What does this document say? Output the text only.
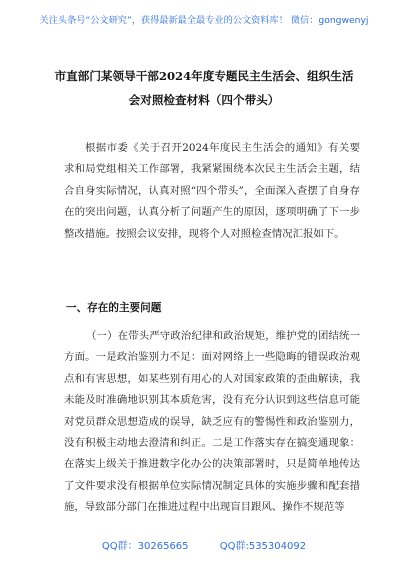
关注头条号“公文研究”，获得最新最全最专业的公文资料库！ 微信：gongwenyj
市直部门某领导干部2024年度专题民主生活会、组织生活
会对照检查材料（四个带头）

根据市委《关于召开2024年度民主生活会的通知》有关要求和局党组相关工作部署，我紧紧围绕本次民主生活会主题，结合自身实际情况，认真对照“四个带头”，全面深入查摆了自身存在的突出问题，认真分析了问题产生的原因，逐项明确了下一步整改措施。按照会议安排，现将个人对照检查情况汇报如下。

一、存在的主要问题

（一）在带头严守政治纪律和政治规矩，维护党的团结统一方面。一是政治鉴别力不足：面对网络上一些隐晦的错误政治观点和有害思想，如某些别有用心的人对国家政策的歪曲解读，我未能及时准确地识别其本质危害，没有充分认识到这些信息可能对党员群众思想造成的误导，缺乏应有的警惕性和政治鉴别力，没有积极主动地去澄清和纠正。二是工作落实存在搞变通现象：在落实上级关于推进数字化办公的决策部署时，只是简单地传达了文件要求没有根据单位实际情况制定具体的实施步骤和配套措施，导致部分部门在推进过程中出现盲目跟风、操作不规范等

QQ群：30265665	QQ群:535304092
